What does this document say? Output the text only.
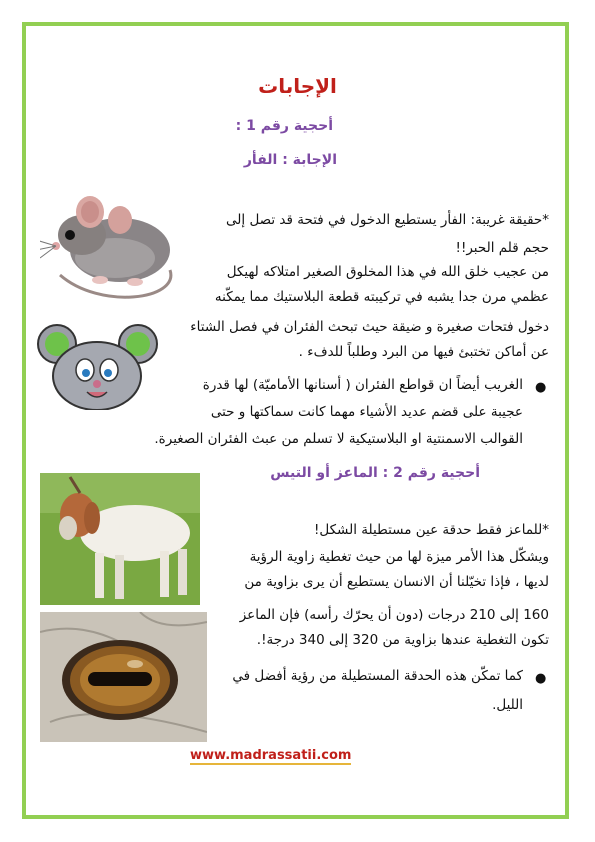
الإجابات
أحجية رقم 1 :
الإجابة : الفأر
*حقيقة غريبة: الفأر يستطيع الدخول في فتحة قد تصل إلى
حجم قلم الحبر!!
من عجيب خلق الله في هذا المخلوق الصغير امتلاكه لهيكل
عظمي مرن جدا يشبه في تركيبته قطعة البلاستيك مما يمكّنه
دخول فتحات صغيرة و ضيقة حيث تبحث الفئران في فصل الشتاء
عن أماكن تختبئ فيها من البرد وطلباً للدفء .
●
الغريب أيضاً ان قواطع الفئران ( أسنانها الأماميّة) لها قدرة
عجيبة على قضم عديد الأشياء مهما كانت سماكتها و حتى
القوالب الاسمنتية او البلاستيكية لا تسلم من عبث الفئران الصغيرة.
أحجية رقم 2 : الماعز أو التيس
*للماعز فقط حدقة عين مستطيلة الشكل!
ويشكّل هذا الأمر ميزة لها من حيث تغطية زاوية الرؤية
لديها ، فإذا تخيّلنا أن الانسان يستطيع أن يرى بزاوية من
160 إلى 210 درجات (دون أن يحرّك رأسه) فإن الماعز
تكون التغطية عندها بزاوية من 320 إلى 340 درجة!.
●
كما تمكّن هذه الحدقة المستطيلة من رؤية أفضل في
الليل.
www.madrassatii.com
